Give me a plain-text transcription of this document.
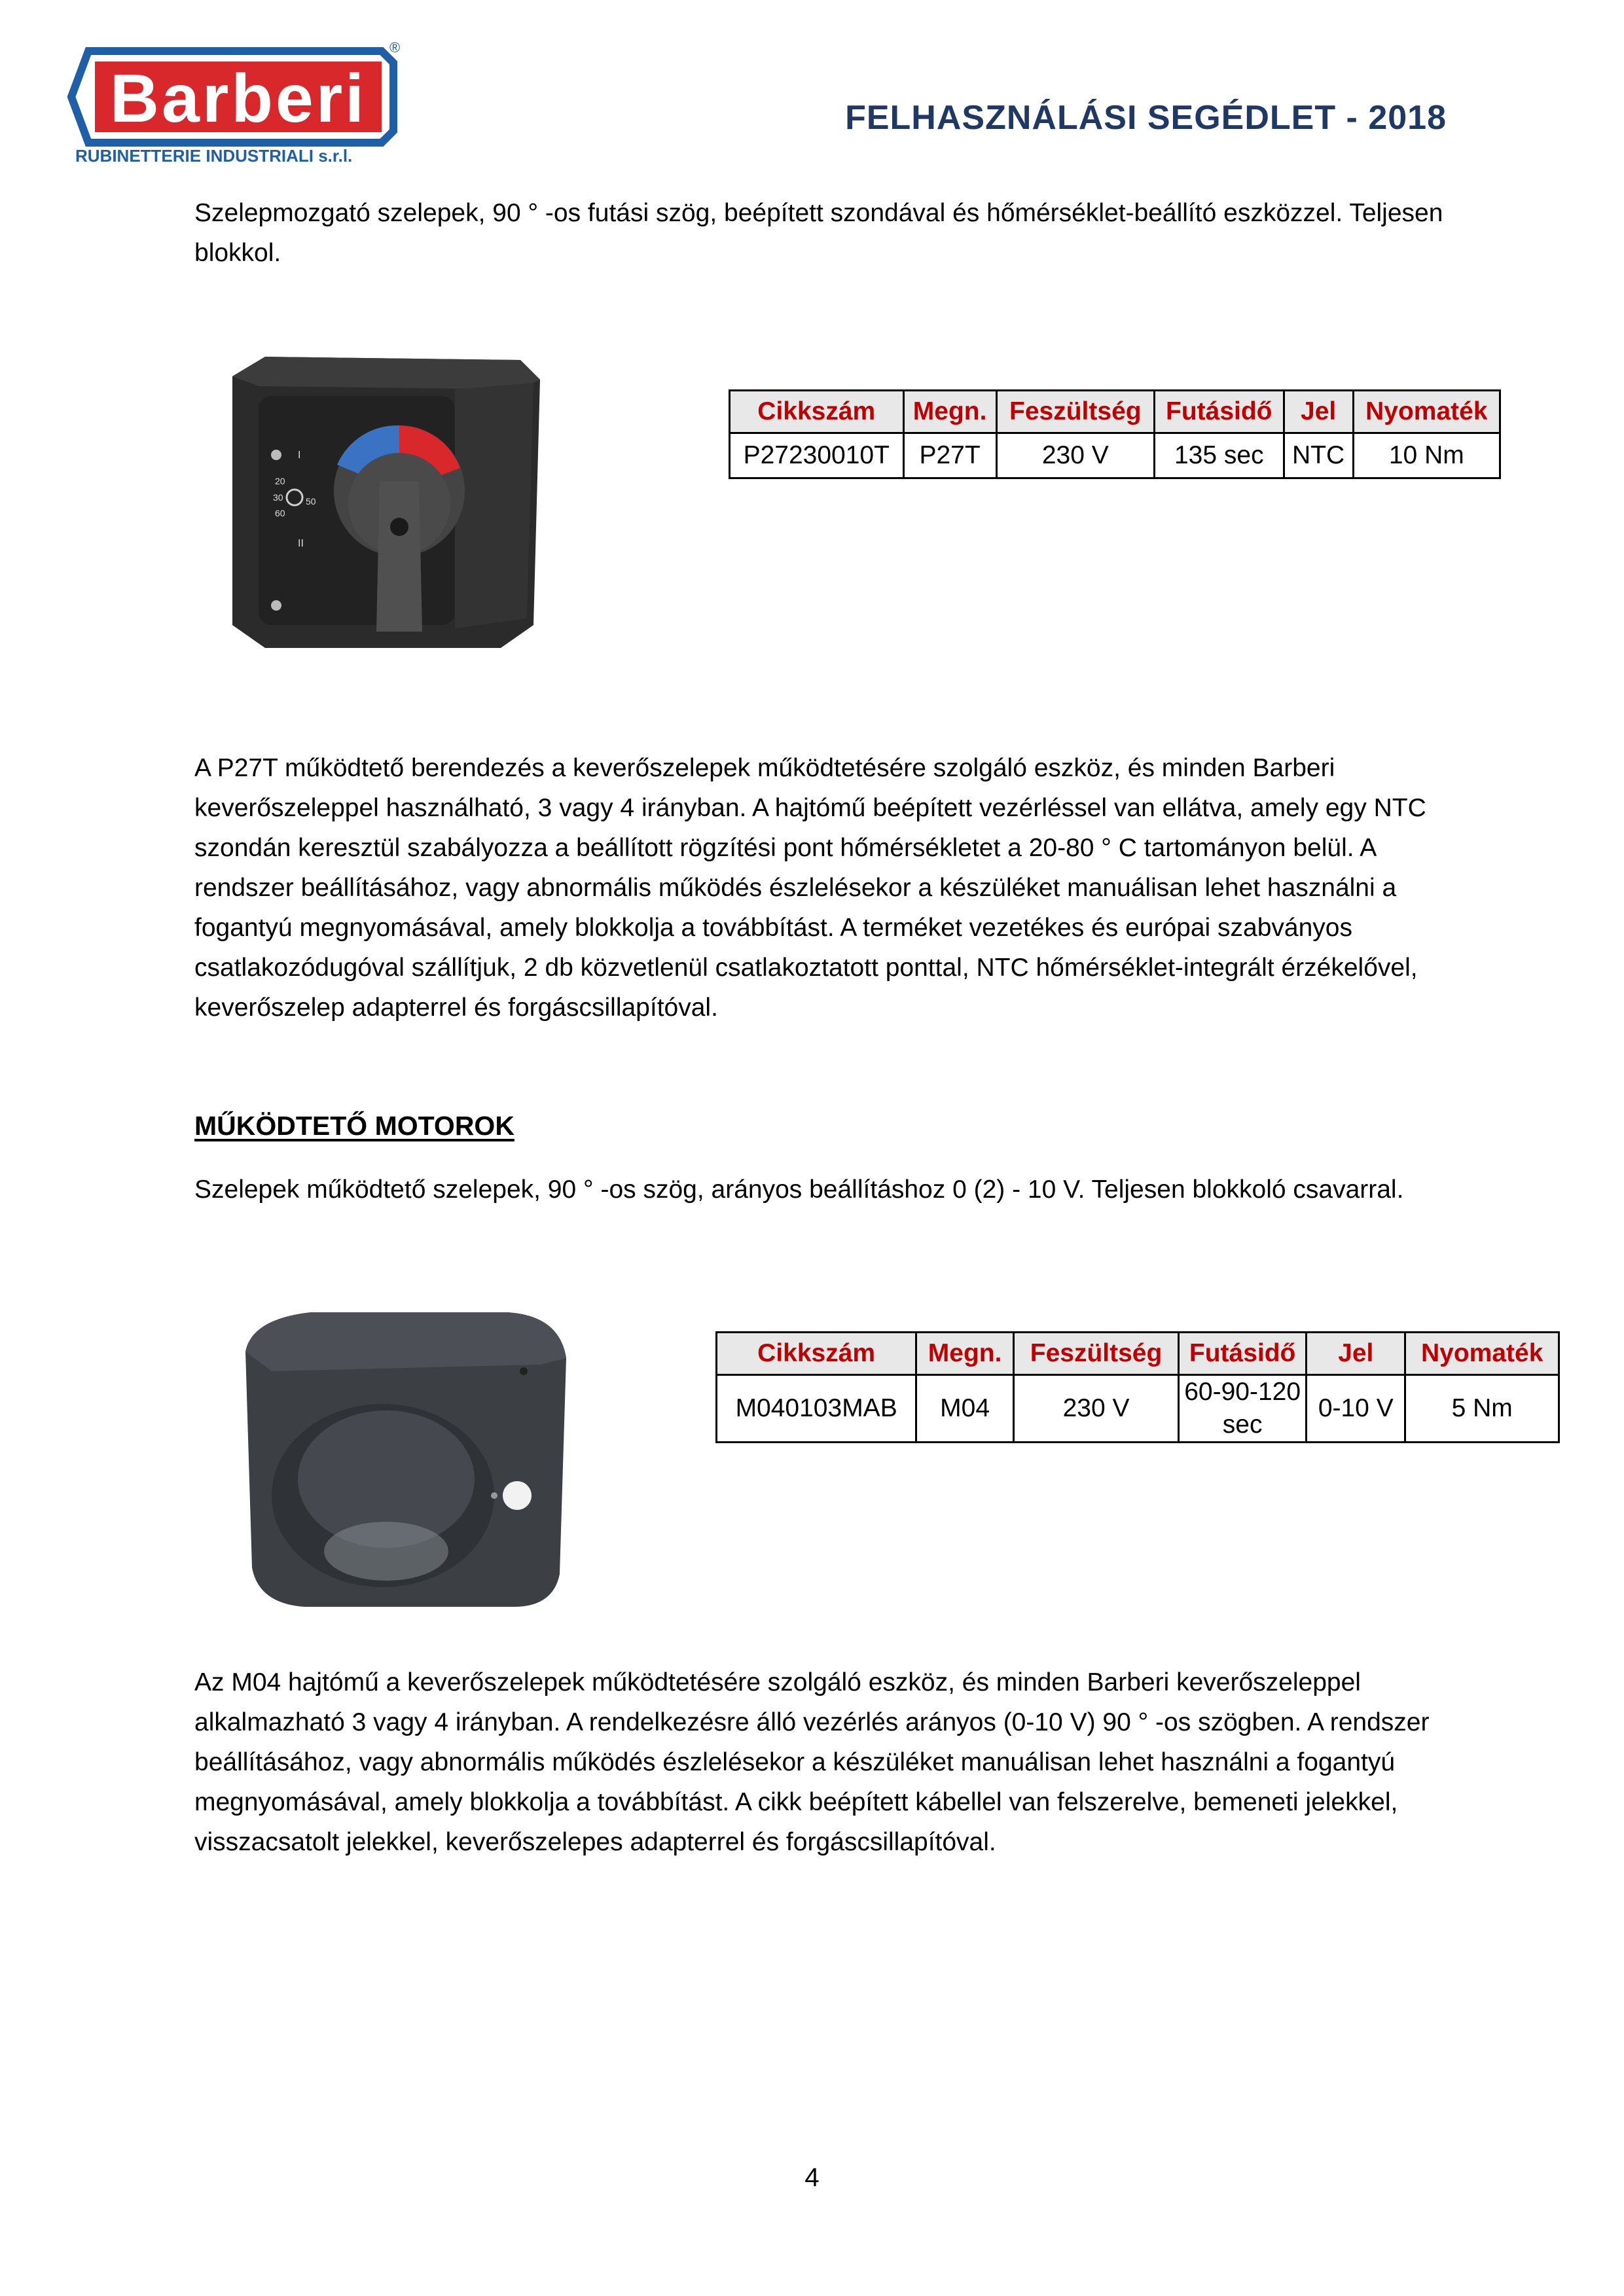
Barberi
®
RUBINETTERIE INDUSTRIALI s.r.l.
FELHASZNÁLÁSI SEGÉDLET - 2018

Szelepmozgató szelepek, 90 ° -os futási szög, beépített szondával és hőmérséklet-beállító eszközzel. Teljesen blokkol.

I
20
30 50
60
II
Cikkszám	Megn.	Feszültség	Futásidő	Jel	Nyomaték
P27230010T	P27T	230 V	135 sec	NTC	10 Nm

A P27T működtető berendezés a keverőszelepek működtetésére szolgáló eszköz, és minden Barberi keverőszeleppel használható, 3 vagy 4 irányban. A hajtómű beépített vezérléssel van ellátva, amely egy NTC szondán keresztül szabályozza a beállított rögzítési pont hőmérsékletet a 20-80 ° C tartományon belül. A rendszer beállításához, vagy abnormális működés észlelésekor a készüléket manuálisan lehet használni a fogantyú megnyomásával, amely blokkolja a továbbítást. A terméket vezetékes és európai szabványos csatlakozódugóval szállítjuk, 2 db közvetlenül csatlakoztatott ponttal, NTC hőmérséklet-integrált érzékelővel, keverőszelep adapterrel és forgáscsillapítóval.

MŰKÖDTETŐ MOTOROK

Szelepek működtető szelepek, 90 ° -os szög, arányos beállításhoz 0 (2) - 10 V. Teljesen blokkoló csavarral.

Cikkszám	Megn.	Feszültség	Futásidő	Jel	Nyomaték
M040103MAB	M04	230 V	60-90-120 sec	0-10 V	5 Nm

Az M04 hajtómű a keverőszelepek működtetésére szolgáló eszköz, és minden Barberi keverőszeleppel alkalmazható 3 vagy 4 irányban. A rendelkezésre álló vezérlés arányos (0-10 V) 90 ° -os szögben. A rendszer beállításához, vagy abnormális működés észlelésekor a készüléket manuálisan lehet használni a fogantyú megnyomásával, amely blokkolja a továbbítást. A cikk beépített kábellel van felszerelve, bemeneti jelekkel, visszacsatolt jelekkel, keverőszelepes adapterrel és forgáscsillapítóval.

4
